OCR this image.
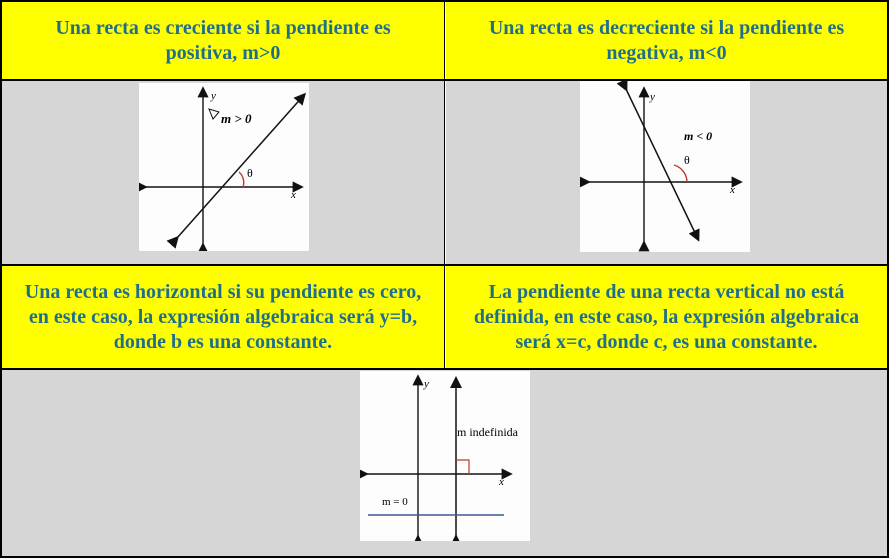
Una recta es creciente si la pendiente es positiva, m>0
Una recta es decreciente si la pendiente es negativa, m<0
y
x
m > 0
θ
y
x
m < 0
θ
Una recta es horizontal si su pendiente es cero, en este caso, la expresión algebraica será y=b, donde b es una constante.
La pendiente de una recta vertical no está definida, en este caso, la expresión algebraica será x=c, donde c, es una constante.
y
x
m indefinida
m = 0
